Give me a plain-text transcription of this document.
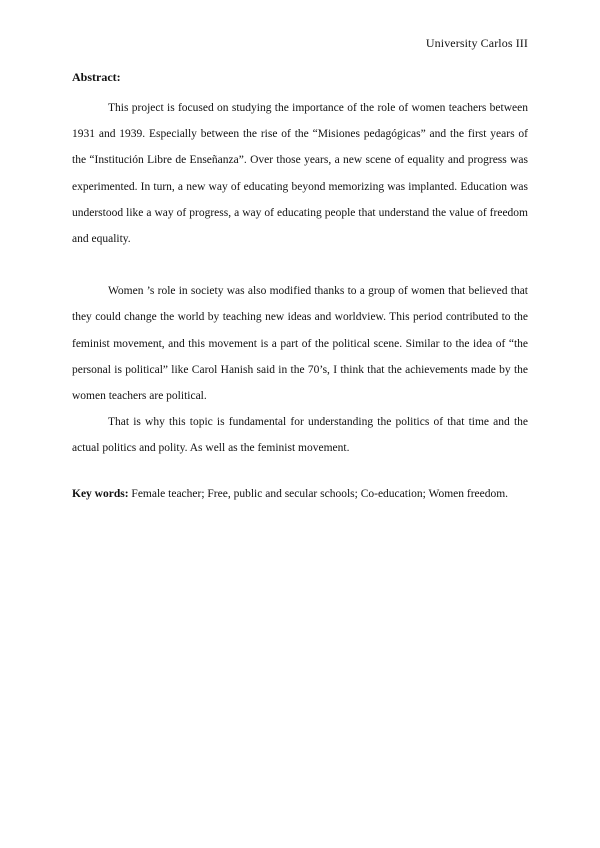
University Carlos III
Abstract:

This project is focused on studying the importance of the role of women teachers between 1931 and 1939. Especially between the rise of the “Misiones pedagógicas” and the first years of the “Institución Libre de Enseñanza”. Over those years, a new scene of equality and progress was experimented. In turn, a new way of educating beyond memorizing was implanted. Education was understood like a way of progress, a way of educating people that understand the value of freedom and equality.

Women ’s role in society was also modified thanks to a group of women that believed that they could change the world by teaching new ideas and worldview. This period contributed to the feminist movement, and this movement is a part of the political scene. Similar to the idea of “the personal is political” like Carol Hanish said in the 70’s, I think that the achievements made by the women teachers are political.

That is why this topic is fundamental for understanding the politics of that time and the actual politics and polity. As well as the feminist movement.

Key words: Female teacher; Free, public and secular schools; Co-education; Women freedom.
